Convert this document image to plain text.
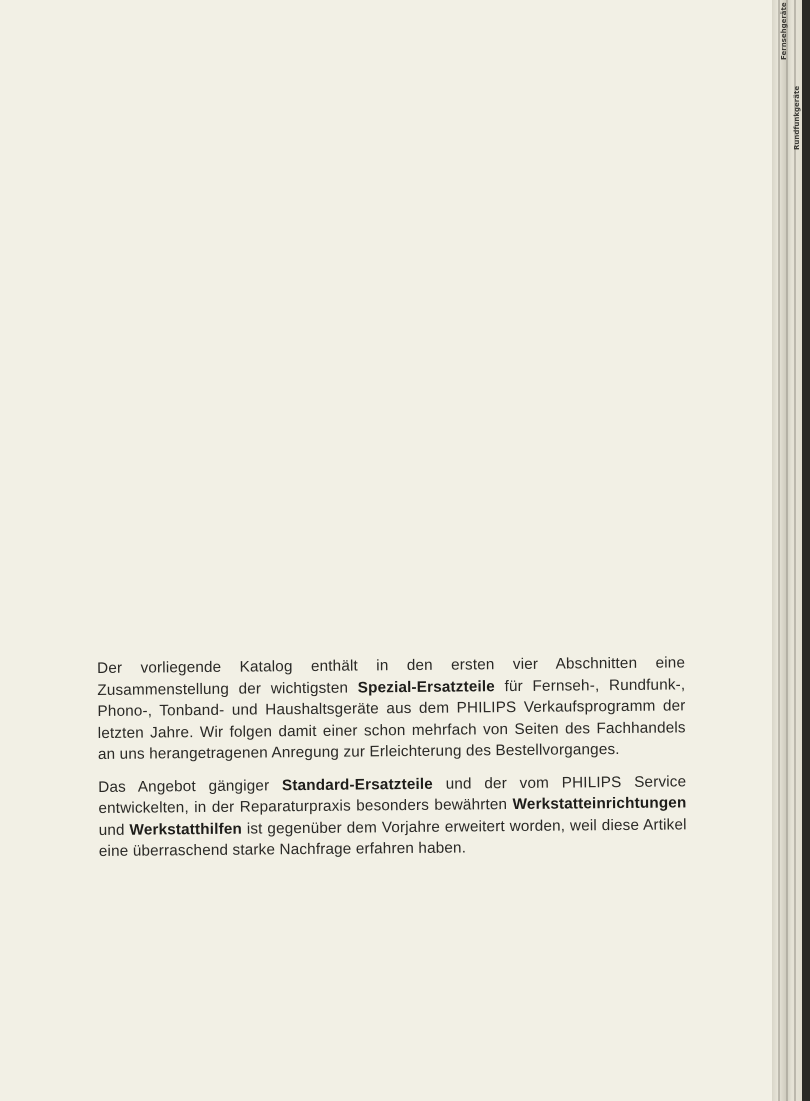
Der vorliegende Katalog enthält in den ersten vier Abschnitten eine Zusammenstellung der wichtigsten Spezial-Ersatzteile für Fernseh-, Rundfunk-, Phono-, Tonband- und Haushaltsgeräte aus dem PHILIPS Verkaufsprogramm der letzten Jahre. Wir folgen damit einer schon mehrfach von Seiten des Fachhandels an uns herangetragenen Anregung zur Erleichterung des Bestellvorganges.

Das Angebot gängiger Standard-Ersatzteile und der vom PHILIPS Service entwickelten, in der Reparaturpraxis besonders bewährten Werkstatteinrichtungen und Werkstatthilfen ist gegenüber dem Vorjahre erweitert worden, weil diese Artikel eine überraschend starke Nachfrage erfahren haben.

Fernsehgeräte
Rundfunkgeräte
